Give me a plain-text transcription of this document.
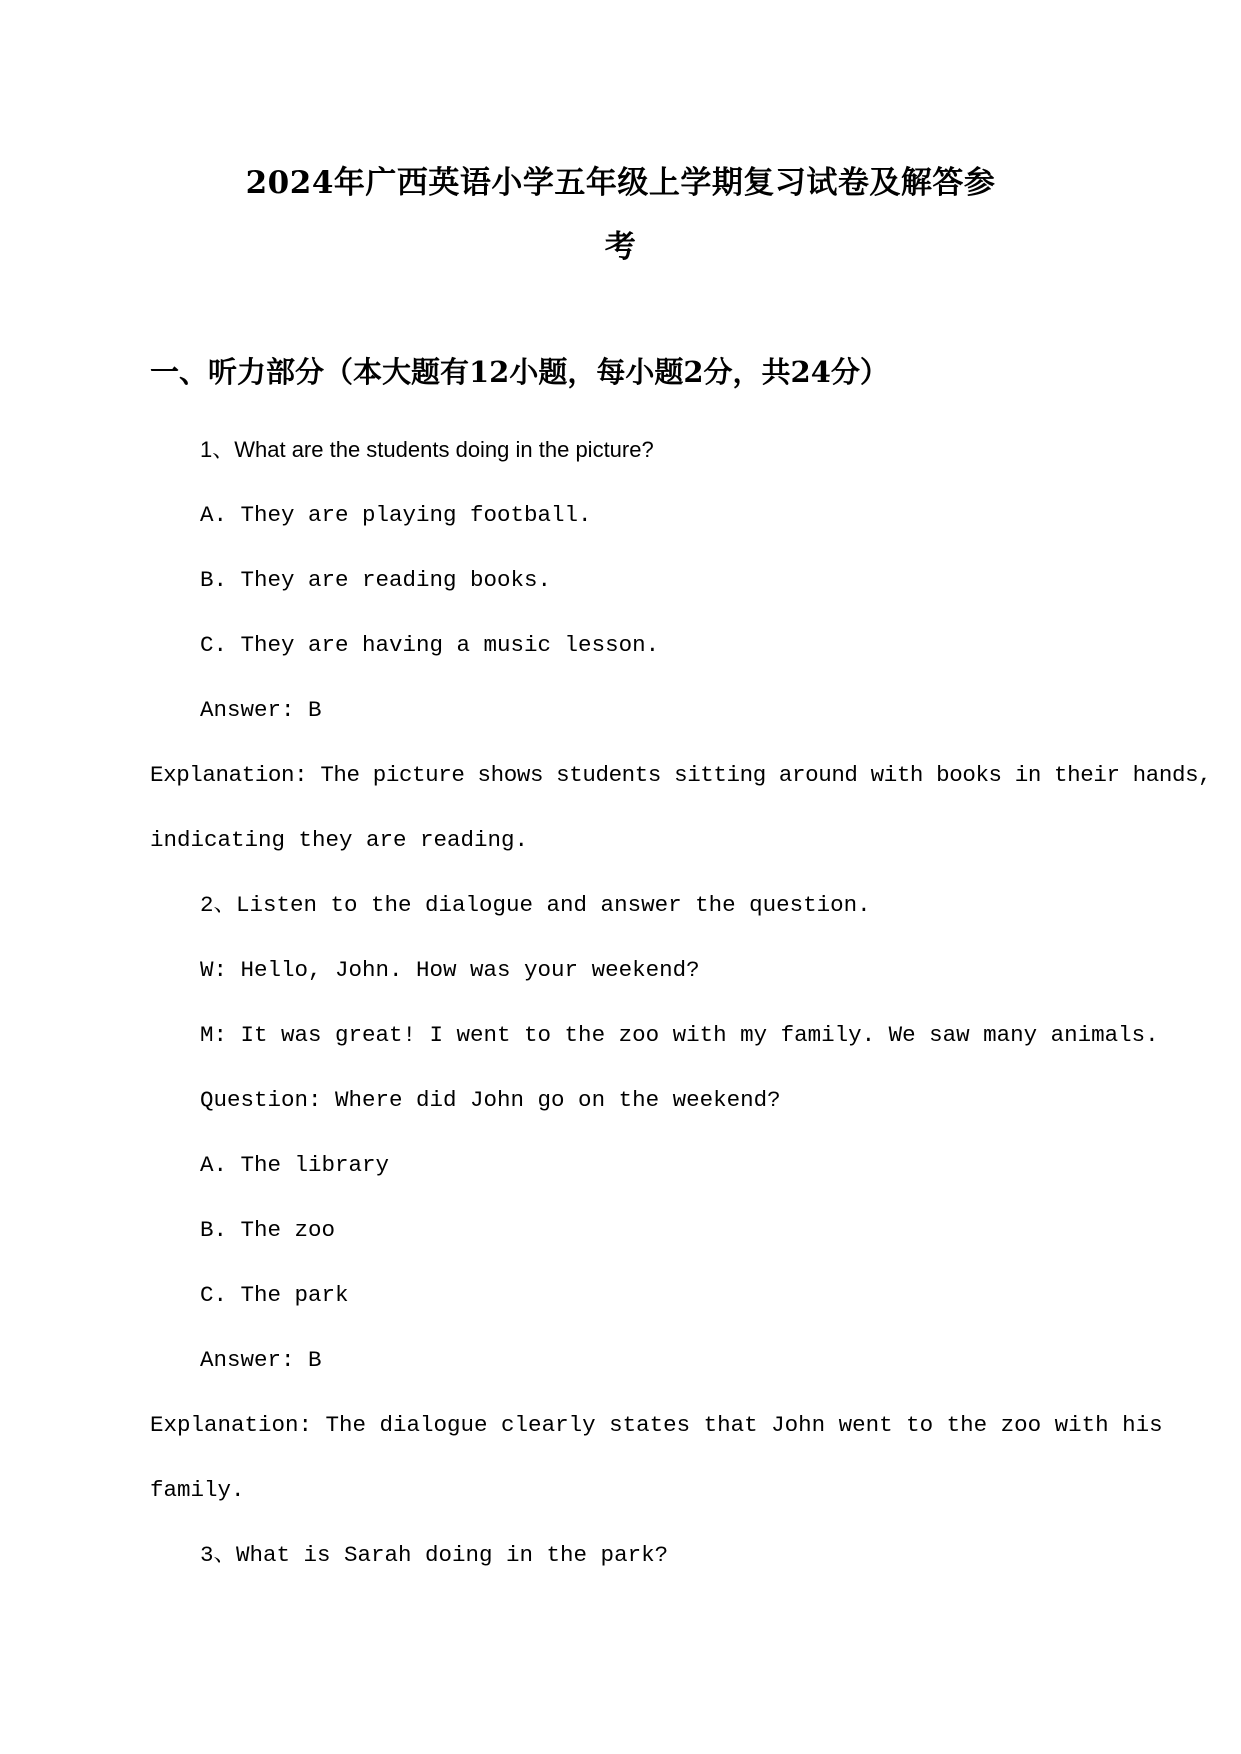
2024年广西英语小学五年级上学期复习试卷及解答参
考
一、听力部分（本大题有12小题，每小题2分，共24分）
1、What are the students doing in the picture?
A. They are playing football.
B. They are reading books.
C. They are having a music lesson.
Answer: B
Explanation: The picture shows students sitting around with books in their hands,
indicating they are reading.
2、Listen to the dialogue and answer the question.
W: Hello, John. How was your weekend?
M: It was great! I went to the zoo with my family. We saw many animals.
Question: Where did John go on the weekend?
A. The library
B. The zoo
C. The park
Answer: B
Explanation: The dialogue clearly states that John went to the zoo with his
family.
3、What is Sarah doing in the park?
